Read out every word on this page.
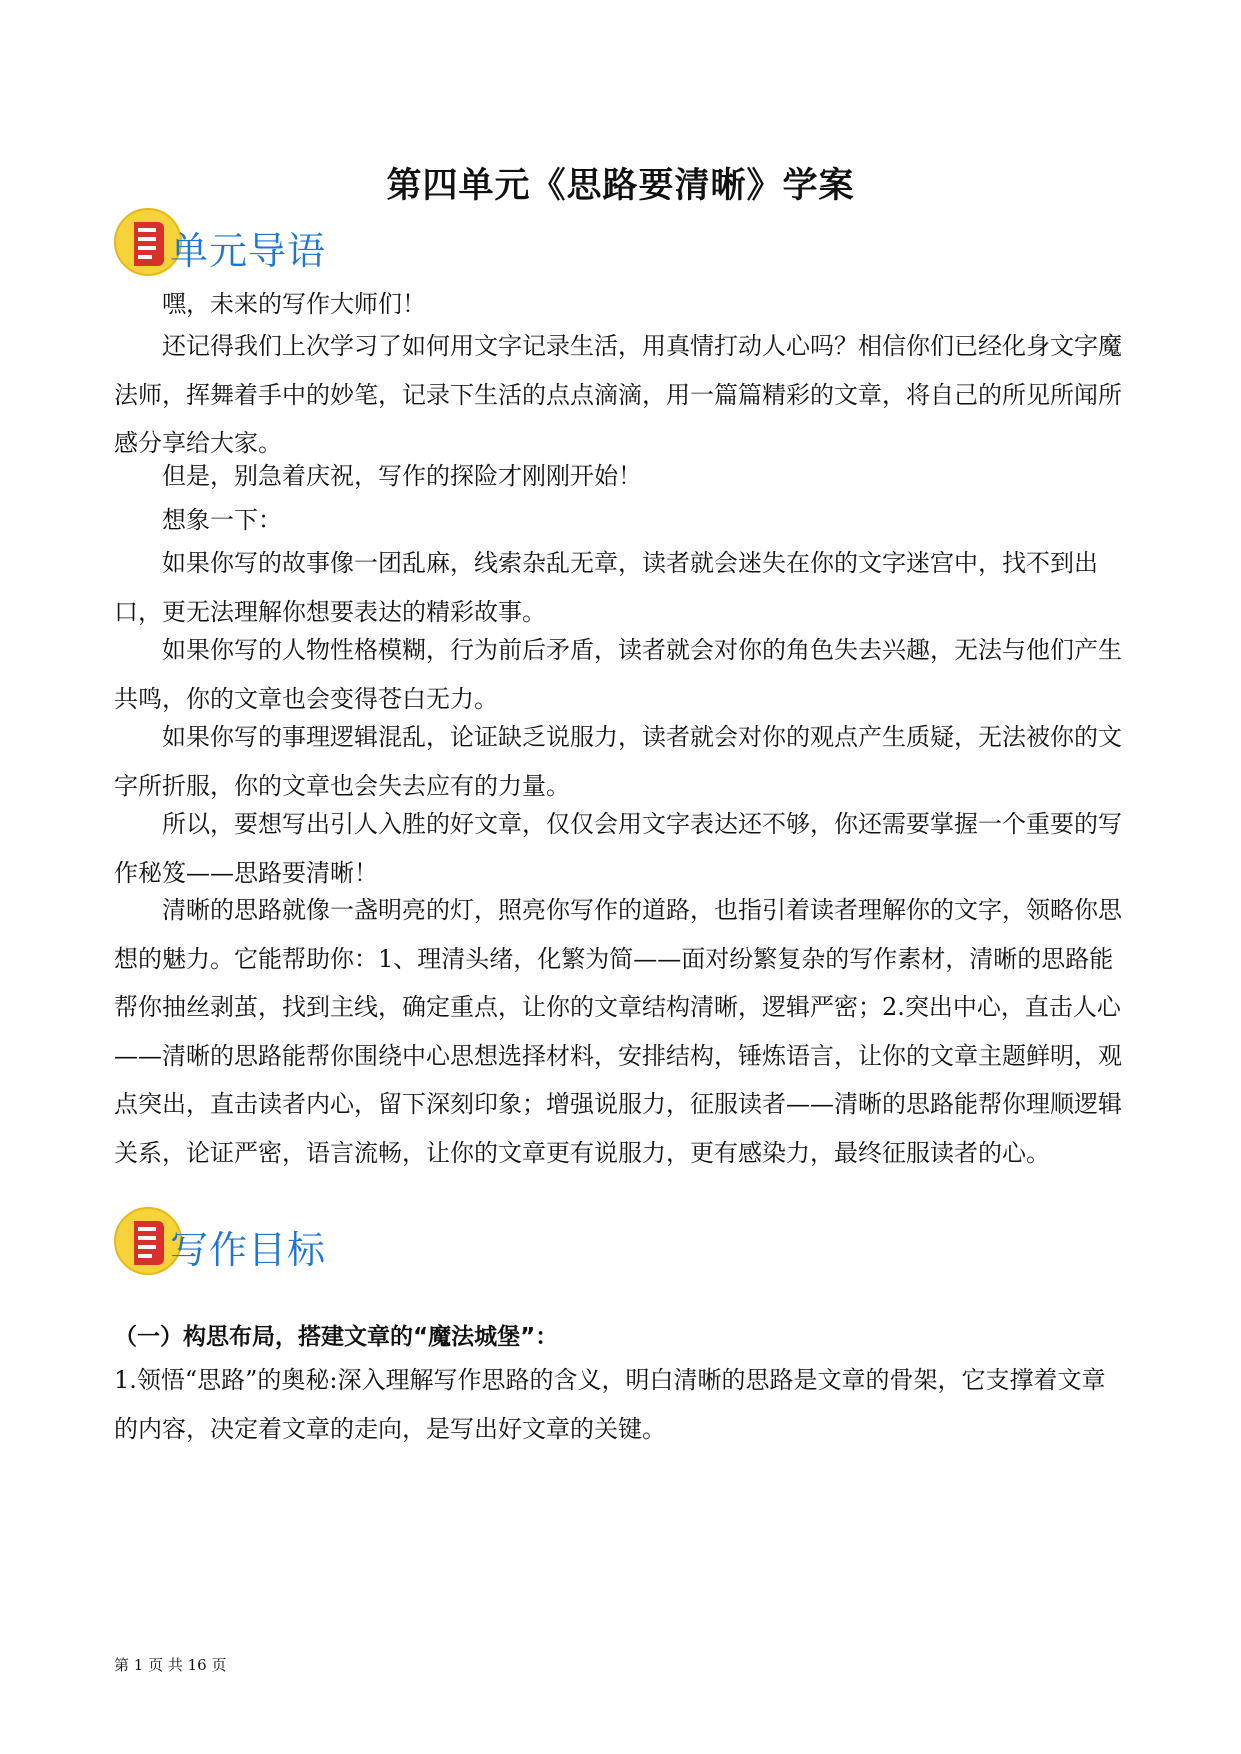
第四单元《思路要清晰》学案
单元导语

嘿，未来的写作大师们！

还记得我们上次学习了如何用文字记录生活，用真情打动人心吗？相信你们已经化身文字魔法师，挥舞着手中的妙笔，记录下生活的点点滴滴，用一篇篇精彩的文章，将自己的所见所闻所感分享给大家。

但是，别急着庆祝，写作的探险才刚刚开始！

想象一下：

如果你写的故事像一团乱麻，线索杂乱无章，读者就会迷失在你的文字迷宫中，找不到出口，更无法理解你想要表达的精彩故事。

如果你写的人物性格模糊，行为前后矛盾，读者就会对你的角色失去兴趣，无法与他们产生共鸣，你的文章也会变得苍白无力。

如果你写的事理逻辑混乱，论证缺乏说服力，读者就会对你的观点产生质疑，无法被你的文字所折服，你的文章也会失去应有的力量。

所以，要想写出引人入胜的好文章，仅仅会用文字表达还不够，你还需要掌握一个重要的写作秘笈——思路要清晰！

清晰的思路就像一盏明亮的灯，照亮你写作的道路，也指引着读者理解你的文字，领略你思想的魅力。它能帮助你：1、理清头绪，化繁为简——面对纷繁复杂的写作素材，清晰的思路能帮你抽丝剥茧，找到主线，确定重点，让你的文章结构清晰，逻辑严密；2.突出中心，直击人心——清晰的思路能帮你围绕中心思想选择材料，安排结构，锤炼语言，让你的文章主题鲜明，观点突出，直击读者内心，留下深刻印象；增强说服力，征服读者——清晰的思路能帮你理顺逻辑关系，论证严密，语言流畅，让你的文章更有说服力，更有感染力，最终征服读者的心。

写作目标
（一）构思布局，搭建文章的“魔法城堡”：

1.领悟“思路”的奥秘:深入理解写作思路的含义，明白清晰的思路是文章的骨架，它支撑着文章的内容，决定着文章的走向，是写出好文章的关键。

第 1 页 共 16 页
